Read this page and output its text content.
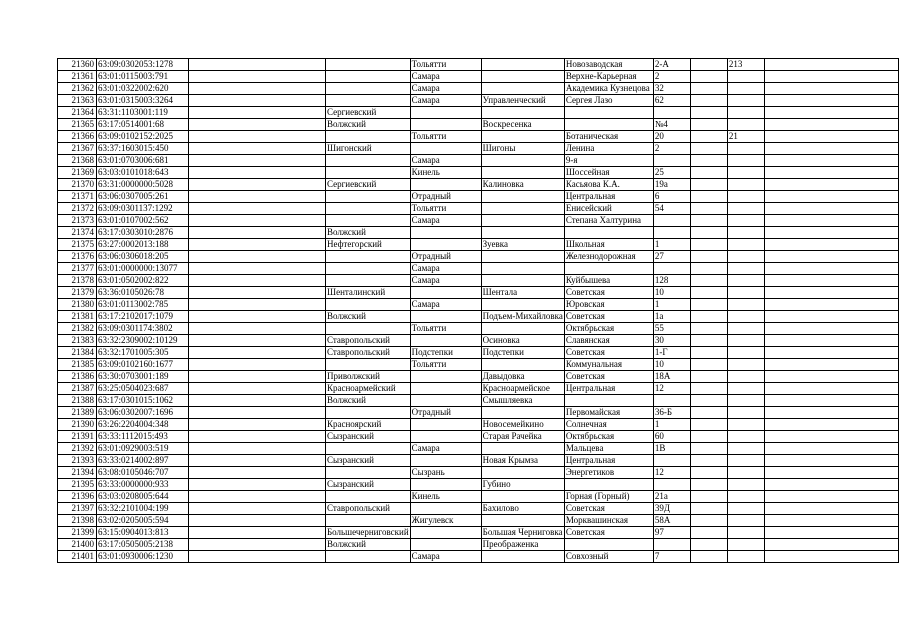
21360	63:09:0302053:1278			Тольятти		Новозаводская	2-А		213	
21361	63:01:0115003:791			Самара		Верхне-Карьерная	2			
21362	63:01:0322002:620			Самара		Академика Кузнецова	32			
21363	63:01:0315003:3264			Самара	Управленческий	Сергея Лазо	62			
21364	63:31:1103001:119		Сергиевский							
21365	63:17:0514001:68		Волжский		Воскресенка		№4			
21366	63:09:0102152:2025			Тольятти		Ботаническая	20		21	
21367	63:37:1603015:450		Шигонский		Шигоны	Ленина	2			
21368	63:01:0703006:681			Самара		9-я				
21369	63:03:0101018:643			Кинель		Шоссейная	25			
21370	63:31:0000000:5028		Сергиевский		Калиновка	Касьяова К.А.	19а			
21371	63:06:0307005:261			Отрадный		Центральная	6			
21372	63:09:0301137:1292			Тольятти		Енисейский	54			
21373	63:01:0107002:562			Самара		Степана Халтурина				
21374	63:17:0303010:2876		Волжский							
21375	63:27:0002013:188		Нефтегорский		Зуевка	Школьная	1			
21376	63:06:0306018:205			Отрадный		Железнодорожная	27			
21377	63:01:0000000:13077			Самара						
21378	63:01:0502002:822			Самара		Куйбышева	128			
21379	63:36:0105026:78		Шенталинский		Шентала	Советская	10			
21380	63:01:0113002:785			Самара		Юровская	1			
21381	63:17:2102017:1079		Волжский		Подъем-Михайловка	Советская	1а			
21382	63:09:0301174:3802			Тольятти		Октябрьская	55			
21383	63:32:2309002:10129		Ставропольский		Осиновка	Славянская	30			
21384	63:32:1701005:305		Ставропольский	Подстепки	Подстепки	Советская	1-Г			
21385	63:09:0102160:1677			Тольятти		Коммунальная	10			
21386	63:30:0703001:189		Приволжский		Давыдовка	Советская	18А			
21387	63:25:0504023:687		Красноармейский		Красноармейское	Центральная	12			
21388	63:17:0301015:1062		Волжский		Смышляевка					
21389	63:06:0302007:1696			Отрадный		Первомайская	36-Б			
21390	63:26:2204004:348		Красноярский		Новосемейкино	Солнечная	1			
21391	63:33:1112015:493		Сызранский		Старая Рачейка	Октябрьская	60			
21392	63:01:0929003:519			Самара		Мальцева	1В			
21393	63:33:0214002:897		Сызранский		Новая Крымза	Центральная				
21394	63:08:0105046:707			Сызрань		Энергетиков	12			
21395	63:33:0000000:933		Сызранский		Губино					
21396	63:03:0208005:644			Кинель		Горная (Горный)	21а			
21397	63:32:2101004:199		Ставропольский		Бахилово	Советская	39Д			
21398	63:02:0205005:594			Жигулевск		Морквашинская	58А			
21399	63:15:0904013:813		Большечерниговский		Большая Черниговка	Советская	97			
21400	63:17:0505005:2138		Волжский		Преображенка					
21401	63:01:0930006:1230			Самара		Совхозный	7			
